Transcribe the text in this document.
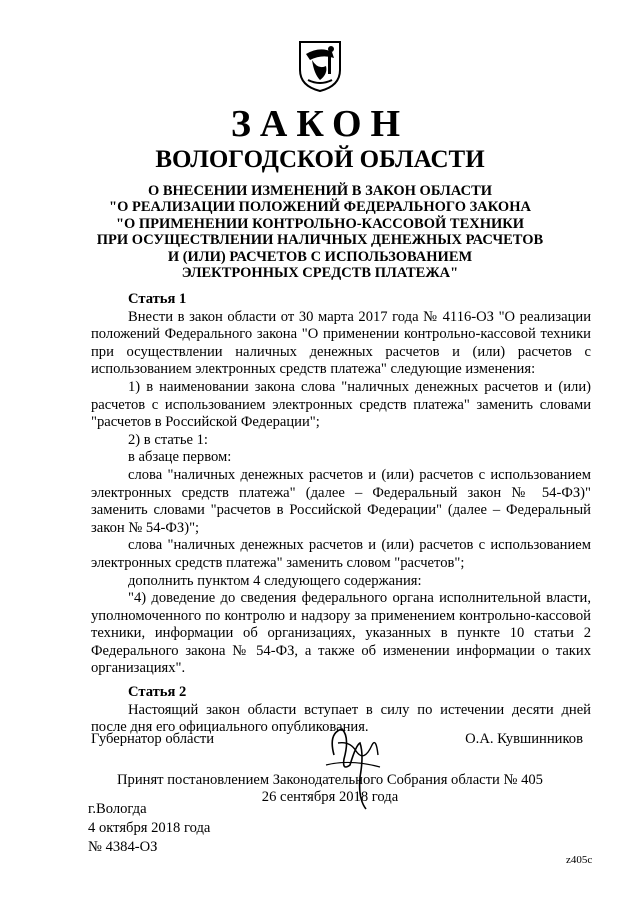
ЗАКОН
ВОЛОГОДСКОЙ ОБЛАСТИ
О ВНЕСЕНИИ ИЗМЕНЕНИЙ В ЗАКОН ОБЛАСТИ
"О РЕАЛИЗАЦИИ ПОЛОЖЕНИЙ ФЕДЕРАЛЬНОГО ЗАКОНА
"О ПРИМЕНЕНИИ КОНТРОЛЬНО-КАССОВОЙ ТЕХНИКИ
ПРИ ОСУЩЕСТВЛЕНИИ НАЛИЧНЫХ ДЕНЕЖНЫХ РАСЧЕТОВ
И (ИЛИ) РАСЧЕТОВ С ИСПОЛЬЗОВАНИЕМ
ЭЛЕКТРОННЫХ СРЕДСТВ ПЛАТЕЖА"

Статья 1

Внести в закон области от 30 марта 2017 года № 4116-ОЗ "О реализации положений Федерального закона "О применении контрольно-кассовой техники при осуществлении наличных денежных расчетов и (или) расчетов с использованием электронных средств платежа" следующие изменения:

1) в наименовании закона слова "наличных денежных расчетов и (или) расчетов с использованием электронных средств платежа" заменить словами "расчетов в Российской Федерации";

2) в статье 1:

в абзаце первом:

слова "наличных денежных расчетов и (или) расчетов с использованием электронных средств платежа" (далее – Федеральный закон № 54-ФЗ)" заменить словами "расчетов в Российской Федерации" (далее – Федеральный закон № 54-ФЗ)";

слова "наличных денежных расчетов и (или) расчетов с использованием электронных средств платежа" заменить словом "расчетов";

дополнить пунктом 4 следующего содержания:

"4) доведение до сведения федерального органа исполнительной власти, уполномоченного по контролю и надзору за применением контрольно-кассовой техники, информации об организациях, указанных в пункте 10 статьи 2 Федерального закона № 54-ФЗ, а также об изменении информации о таких организациях".

Статья 2

Настоящий закон области вступает в силу по истечении десяти дней после дня его официального опубликования.

Губернатор области	О.А. Кувшинников
Принят постановлением Законодательного Собрания области № 405
26 сентября 2018 года
г.Вологда
4 октября 2018 года
№ 4384-ОЗ
z405c
